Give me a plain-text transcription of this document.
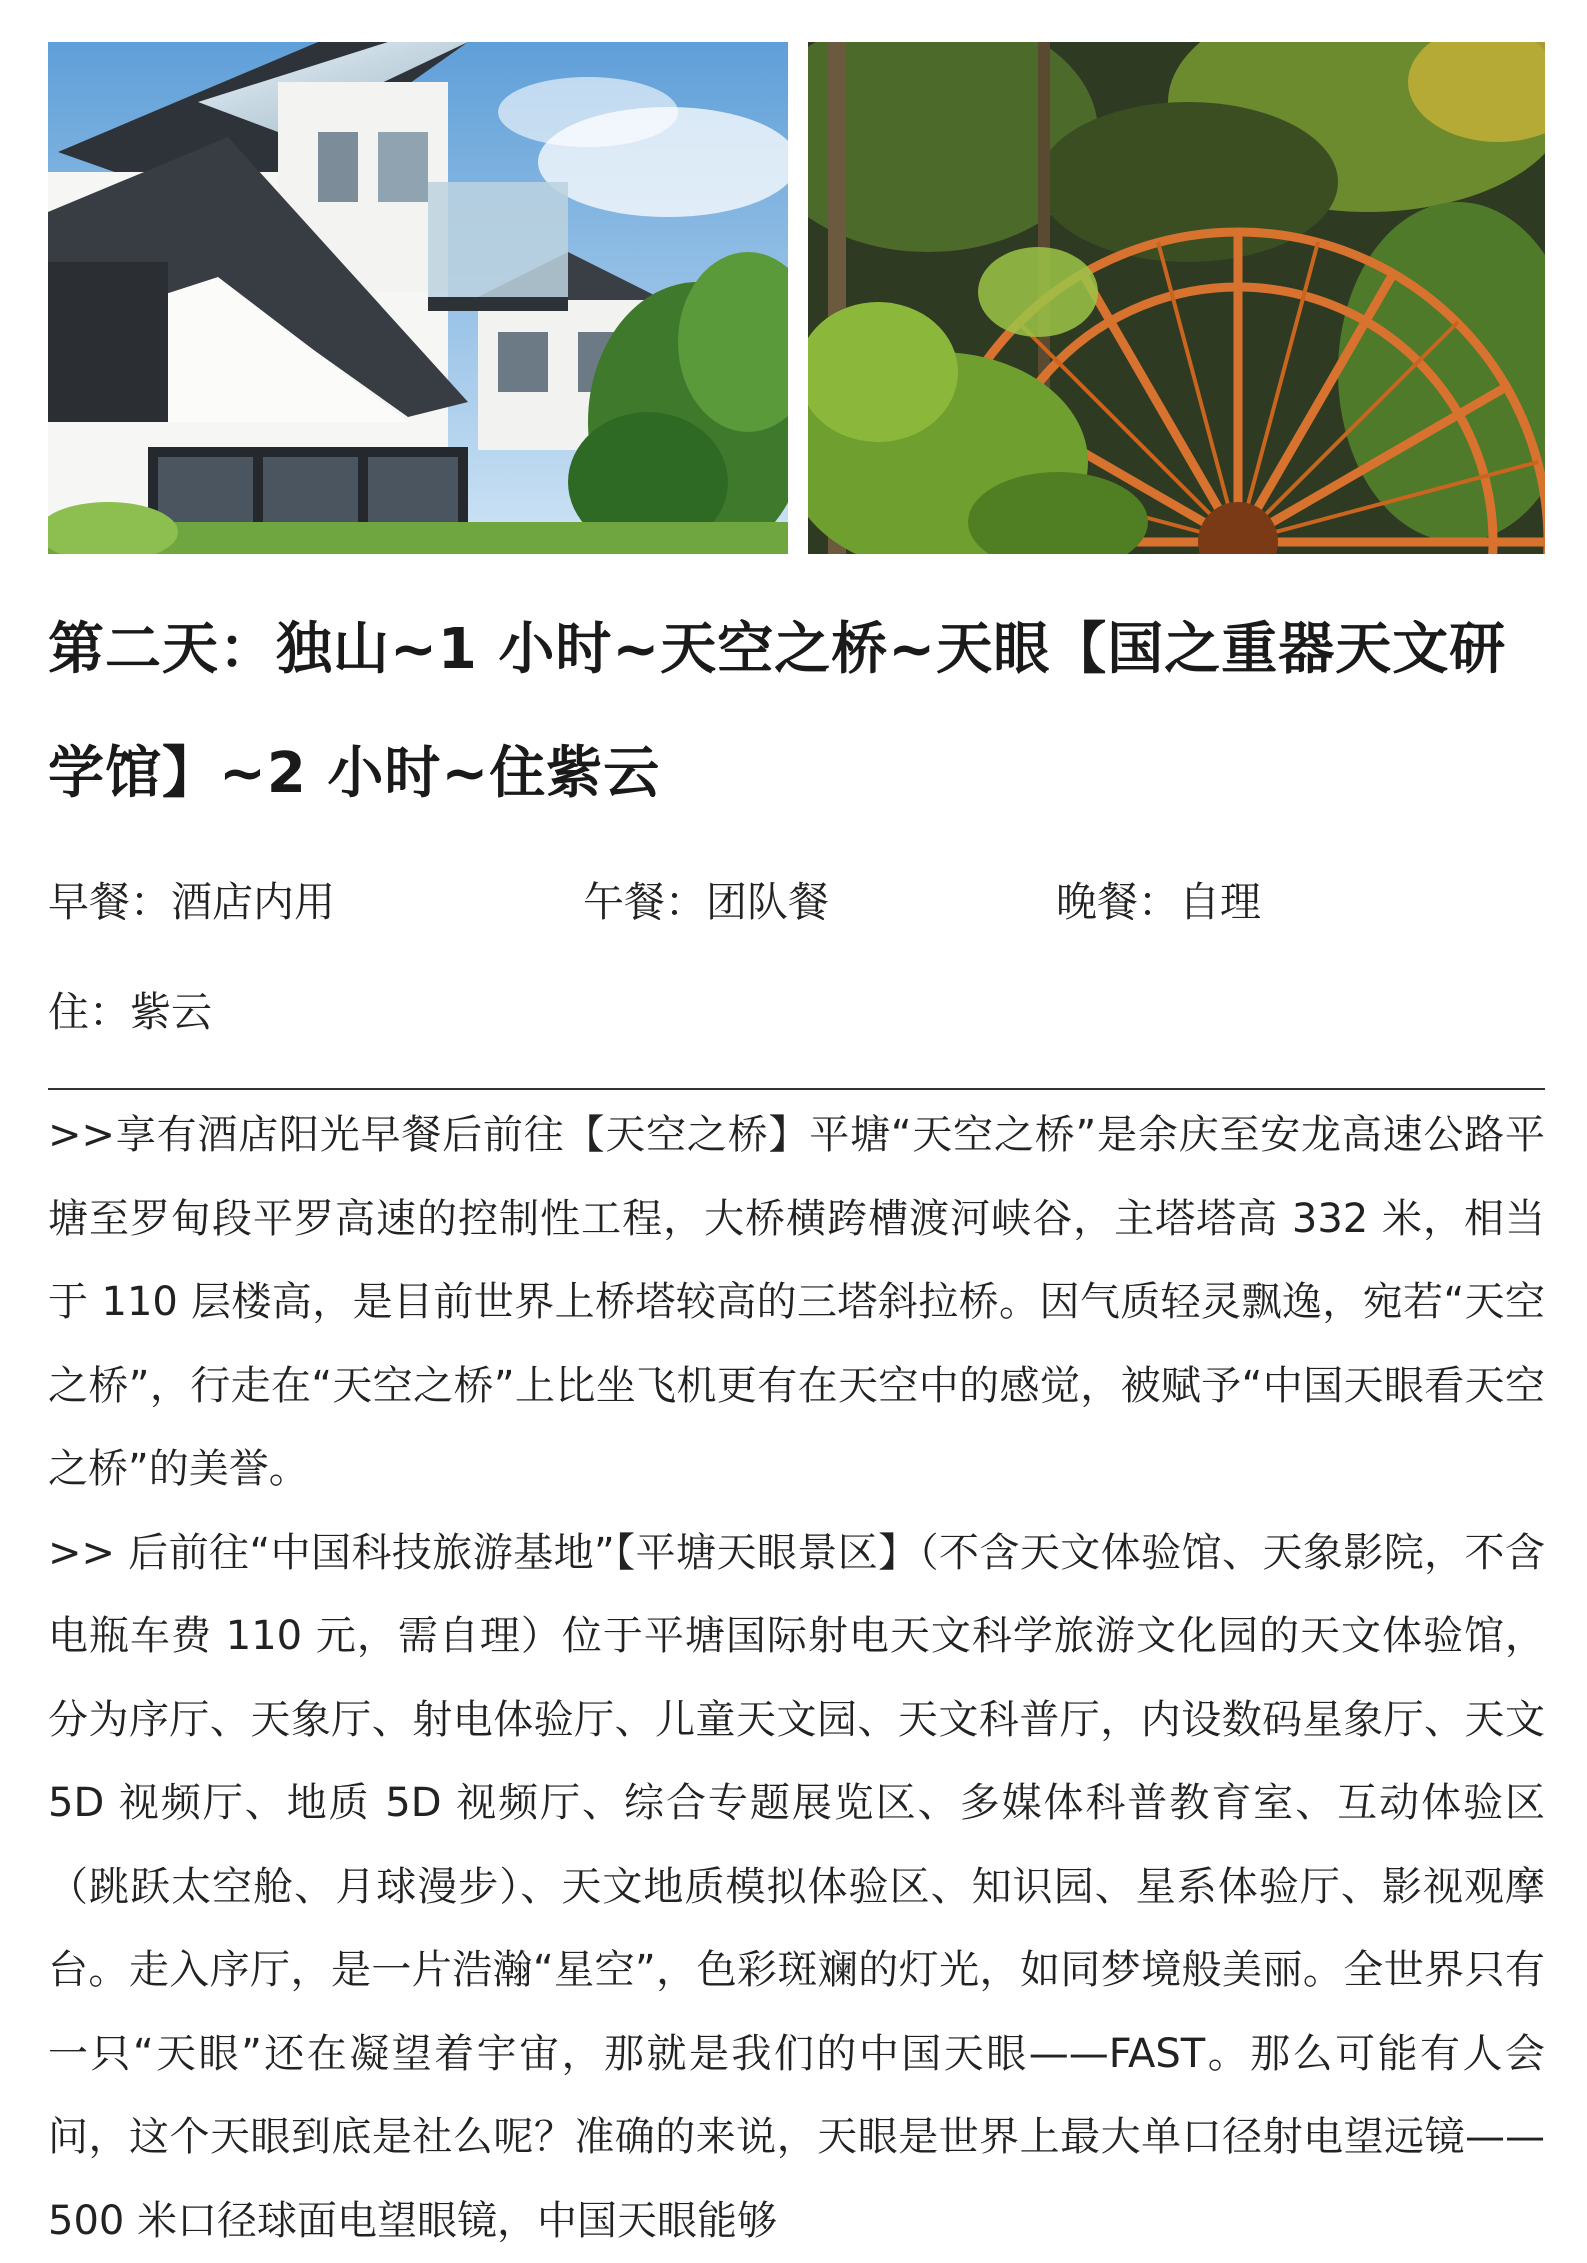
第二天：独山~1 小时~天空之桥~天眼【国之重器天文研学馆】~2 小时~住紫云
早餐：酒店内用	午餐：团队餐	晚餐：自理
住：紫云

>>享有酒店阳光早餐后前往【天空之桥】平塘“天空之桥”是余庆至安龙高速公路平塘至罗甸段平罗高速的控制性工程，大桥横跨槽渡河峡谷，主塔塔高 332 米，相当于 110 层楼高，是目前世界上桥塔较高的三塔斜拉桥。因气质轻灵飘逸，宛若“天空之桥”，行走在“天空之桥”上比坐飞机更有在天空中的感觉，被赋予“中国天眼看天空之桥”的美誉。

>> 后前往“中国科技旅游基地”【平塘天眼景区】（不含天文体验馆、天象影院，不含电瓶车费 110 元，需自理）位于平塘国际射电天文科学旅游文化园的天文体验馆，分为序厅、天象厅、射电体验厅、儿童天文园、天文科普厅，内设数码星象厅、天文 5D 视频厅、地质 5D 视频厅、综合专题展览区、多媒体科普教育室、互动体验区（跳跃太空舱、月球漫步）、天文地质模拟体验区、知识园、星系体验厅、影视观摩台。走入序厅，是一片浩瀚“星空”，色彩斑斓的灯光，如同梦境般美丽。全世界只有一只“天眼”还在凝望着宇宙，那就是我们的中国天眼——FAST。那么可能有人会问，这个天眼到底是社么呢？准确的来说，天眼是世界上最大单口径射电望远镜——500 米口径球面电望眼镜，中国天眼能够
